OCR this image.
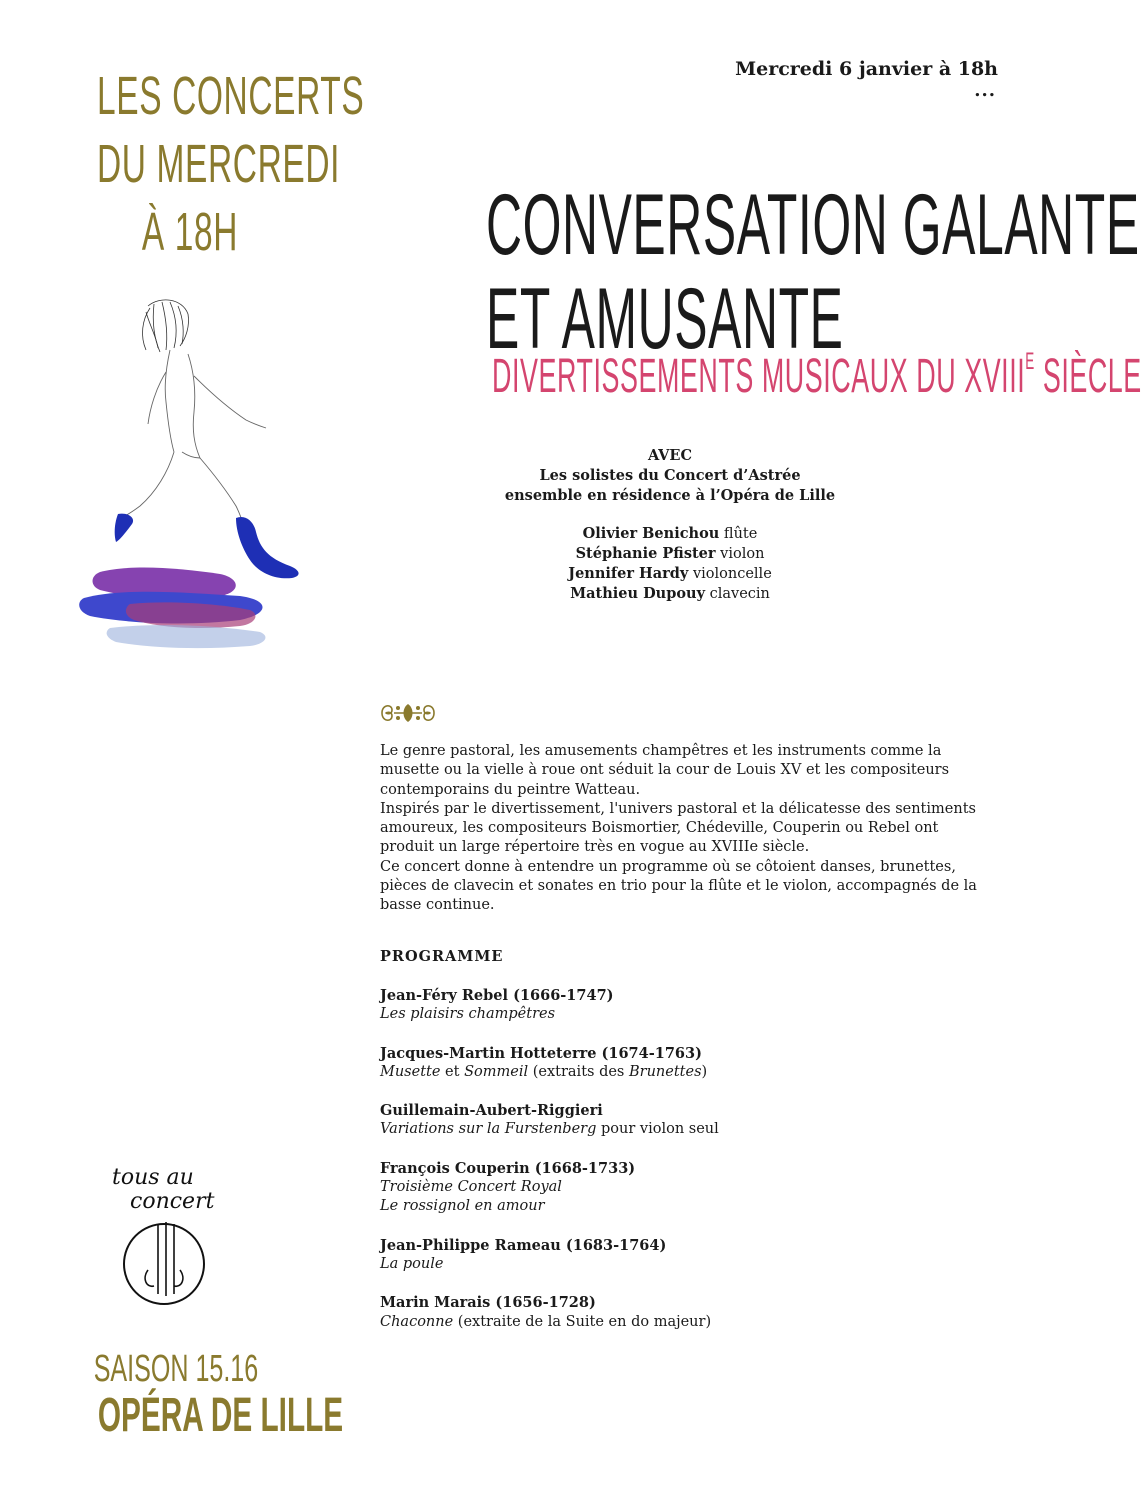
LES CONCERTS
DU MERCREDI
À 18H
tous au
concert
SAISON 15.16
OPÉRA DE LILLE
Mercredi 6 janvier à 18h
...
CONVERSATION GALANTE
ET AMUSANTE
DIVERTISSEMENTS MUSICAUX DU $XVIII^E$ SIÈCLE
AVEC
Les solistes du Concert d’Astrée
ensemble en résidence à l’Opéra de Lille
Olivier Benichou flûte
Stéphanie Pfister violon
Jennifer Hardy violoncelle
Mathieu Dupouy clavecin

Le genre pastoral, les amusements champêtres et les instruments comme la musette ou la vielle à roue ont séduit la cour de Louis XV et les compositeurs contemporains du peintre Watteau.

Inspirés par le divertissement, l'univers pastoral et la délicatesse des sentiments amoureux, les compositeurs Boismortier, Chédeville, Couperin ou Rebel ont produit un large répertoire très en vogue au XVIIIe siècle.

Ce concert donne à entendre un programme où se côtoient danses, brunettes, pièces de clavecin et sonates en trio pour la flûte et le violon, accompagnés de la basse continue.

PROGRAMME
Jean-Féry Rebel (1666-1747)
Les plaisirs champêtres
Jacques-Martin Hotteterre (1674-1763)
Musette et Sommeil (extraits des Brunettes)
Guillemain-Aubert-Riggieri
Variations sur la Furstenberg pour violon seul
François Couperin (1668-1733)
Troisième Concert Royal
Le rossignol en amour
Jean-Philippe Rameau (1683-1764)
La poule
Marin Marais (1656-1728)
Chaconne (extraite de la Suite en do majeur)
